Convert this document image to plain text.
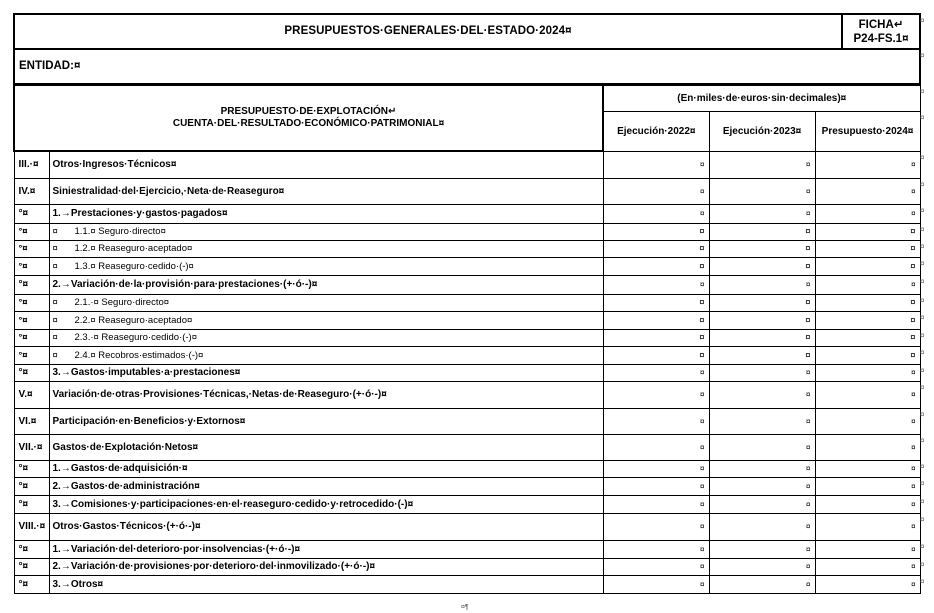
PRESUPUESTOS·GENERALES·DEL·ESTADO·2024¤	FICHA↵
P24-FS.1¤
ENTIDAD:¤
PRESUPUESTO·DE·EXPLOTACIÓN↵
CUENTA·DEL·RESULTADO·ECONÓMICO·PATRIMONIAL¤		(En·miles·de·euros·sin·decimales)¤		
		Ejecución·2022¤	Ejecución·2023¤	Presupuesto·2024¤
III.·¤	Otros·Ingresos·Técnicos¤	¤	¤	¤
IV.¤	Siniestralidad·del·Ejercicio,·Neta·de·Reaseguro¤	¤	¤	¤
°¤	1.→Prestaciones·y·gastos·pagados¤	¤	¤	¤
°¤	¤ 1.1.¤ Seguro·directo¤	¤	¤	¤
°¤	¤ 1.2.¤ Reaseguro·aceptado¤	¤	¤	¤
°¤	¤ 1.3.¤ Reaseguro·cedido·(-)¤	¤	¤	¤
°¤	2.→Variación·de·la·provisión·para·prestaciones·(+·ó·-)¤	¤	¤	¤
°¤	¤ 2.1.·¤ Seguro·directo¤	¤	¤	¤
°¤	¤ 2.2.¤ Reaseguro·aceptado¤	¤	¤	¤
°¤	¤ 2.3.·¤ Reaseguro·cedido·(-)¤	¤	¤	¤
°¤	¤ 2.4.¤ Recobros·estimados·(-)¤	¤	¤	¤
°¤	3.→Gastos·imputables·a·prestaciones¤	¤	¤	¤
V.¤	Variación·de·otras·Provisiones·Técnicas,·Netas·de·Reaseguro·(+·ó·-)¤	¤	¤	¤
VI.¤	Participación·en·Beneficios·y·Extornos¤	¤	¤	¤
VII.·¤	Gastos·de·Explotación·Netos¤	¤	¤	¤
°¤	1.→Gastos·de·adquisición·¤	¤	¤	¤
°¤	2.→Gastos·de·administración¤	¤	¤	¤
°¤	3.→Comisiones·y·participaciones·en·el·reaseguro·cedido·y·retrocedido·(-)¤	¤	¤	¤
VIII.·¤	Otros·Gastos·Técnicos·(+·ó·-)¤	¤	¤	¤
°¤	1.→Variación·del·deterioro·por·insolvencias·(+·ó·-)¤	¤	¤	¤
°¤	2.→Variación·de·provisiones·por·deterioro·del·inmovilizado·(+·ó·-)¤	¤	¤	¤
°¤	3.→Otros¤	¤	¤	¤
¤¶
¤
¤
¤
¤
¤
¤
¤
¤
¤
¤
¤
¤
¤
¤
¤
¤
¤
¤
¤
¤
¤
¤
¤
¤
¤
¤
